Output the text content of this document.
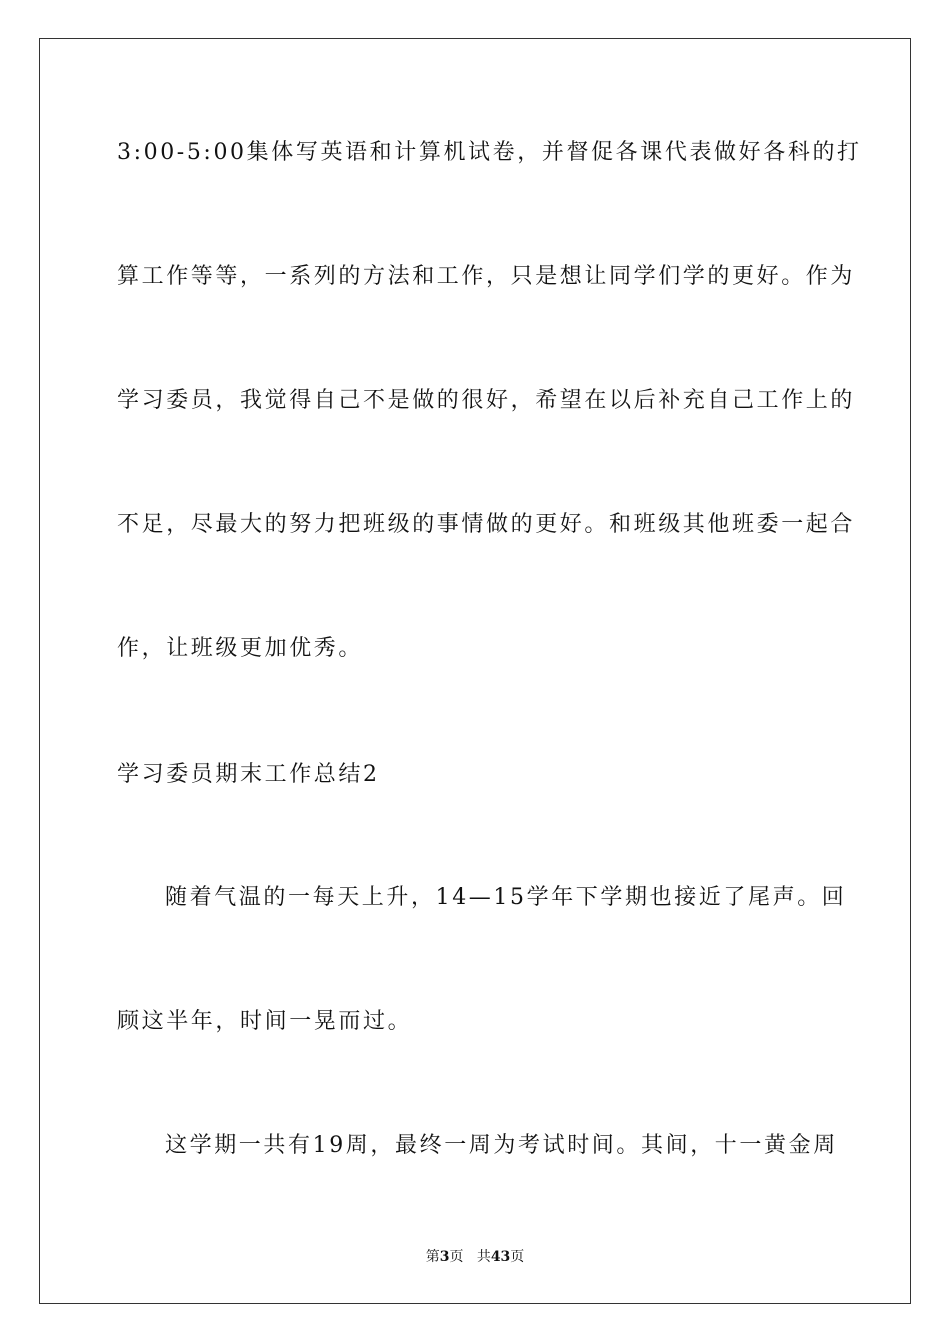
3:00-5:00集体写英语和计算机试卷，并督促各课代表做好各科的打
算工作等等，一系列的方法和工作，只是想让同学们学的更好。作为
学习委员，我觉得自己不是做的很好，希望在以后补充自己工作上的
不足，尽最大的努力把班级的事情做的更好。和班级其他班委一起合
作，让班级更加优秀。
学习委员期末工作总结2
随着气温的一每天上升，14—15学年下学期也接近了尾声。回
顾这半年，时间一晃而过。
这学期一共有19周，最终一周为考试时间。其间，十一黄金周
第3页 共43页
